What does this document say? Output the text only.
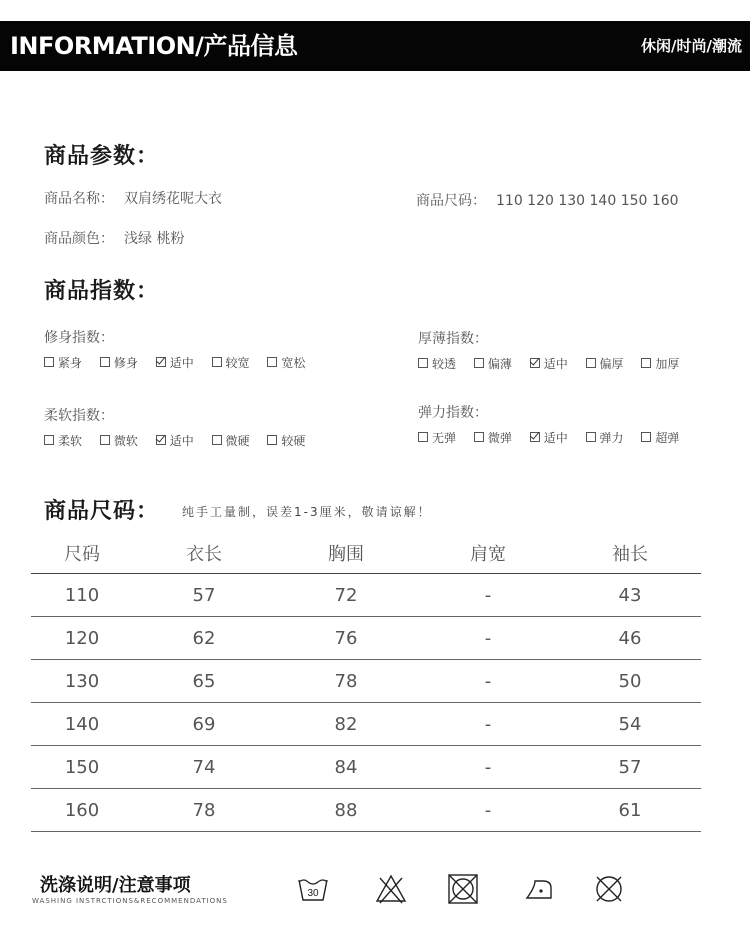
INFORMATION/产品信息	休闲/时尚/潮流
商品参数：
商品名称： 双肩绣花呢大衣	商品尺码： 110 120 130 140 150 160
商品颜色： 浅绿 桃粉
商品指数：
修身指数：
紧身	修身	适中	较宽	宽松
厚薄指数：
较透	偏薄	适中	偏厚	加厚
柔软指数：
柔软	微软	适中	微硬	较硬
弹力指数：
无弹	微弹	适中	弹力	超弹
商品尺码： 纯手工量制，误差1-3厘米，敬请谅解！
尺码	衣长	胸围	肩宽	袖长
110	57	72	-	43
120	62	76	-	46
130	65	78	-	50
140	69	82	-	54
150	74	84	-	57
160	78	88	-	61
洗涤说明/注意事项
WASHING INSTRCTIONS&RECOMMENDATIONS
30
